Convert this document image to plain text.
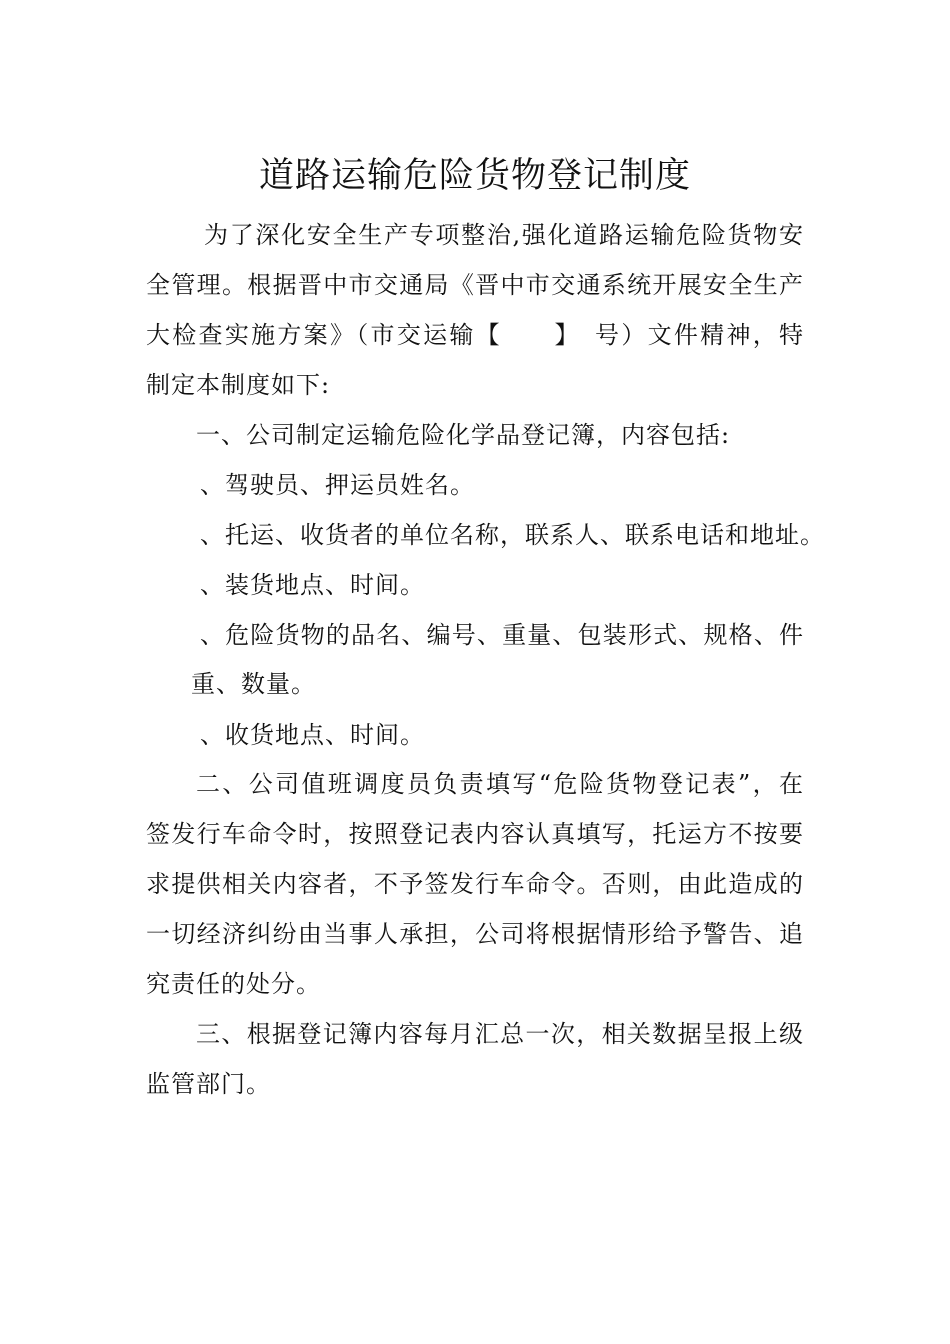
道路运输危险货物登记制度
为了深化安全生产专项整治,强化道路运输危险货物安
全管理。根据晋中市交通局《晋中市交通系统开展安全生产
大检查实施方案》（市交运输【　　】　号）文件精神，特
制定本制度如下:
一、公司制定运输危险化学品登记簿，内容包括:
、驾驶员、押运员姓名。
、托运、收货者的单位名称，联系人、联系电话和地址。
、装货地点、时间。
、危险货物的品名、编号、重量、包装形式、规格、件
重、数量。
、收货地点、时间。
二、公司值班调度员负责填写“危险货物登记表”，在
签发行车命令时，按照登记表内容认真填写，托运方不按要
求提供相关内容者，不予签发行车命令。否则，由此造成的
一切经济纠纷由当事人承担，公司将根据情形给予警告、追
究责任的处分。
三、根据登记簿内容每月汇总一次，相关数据呈报上级
监管部门。
